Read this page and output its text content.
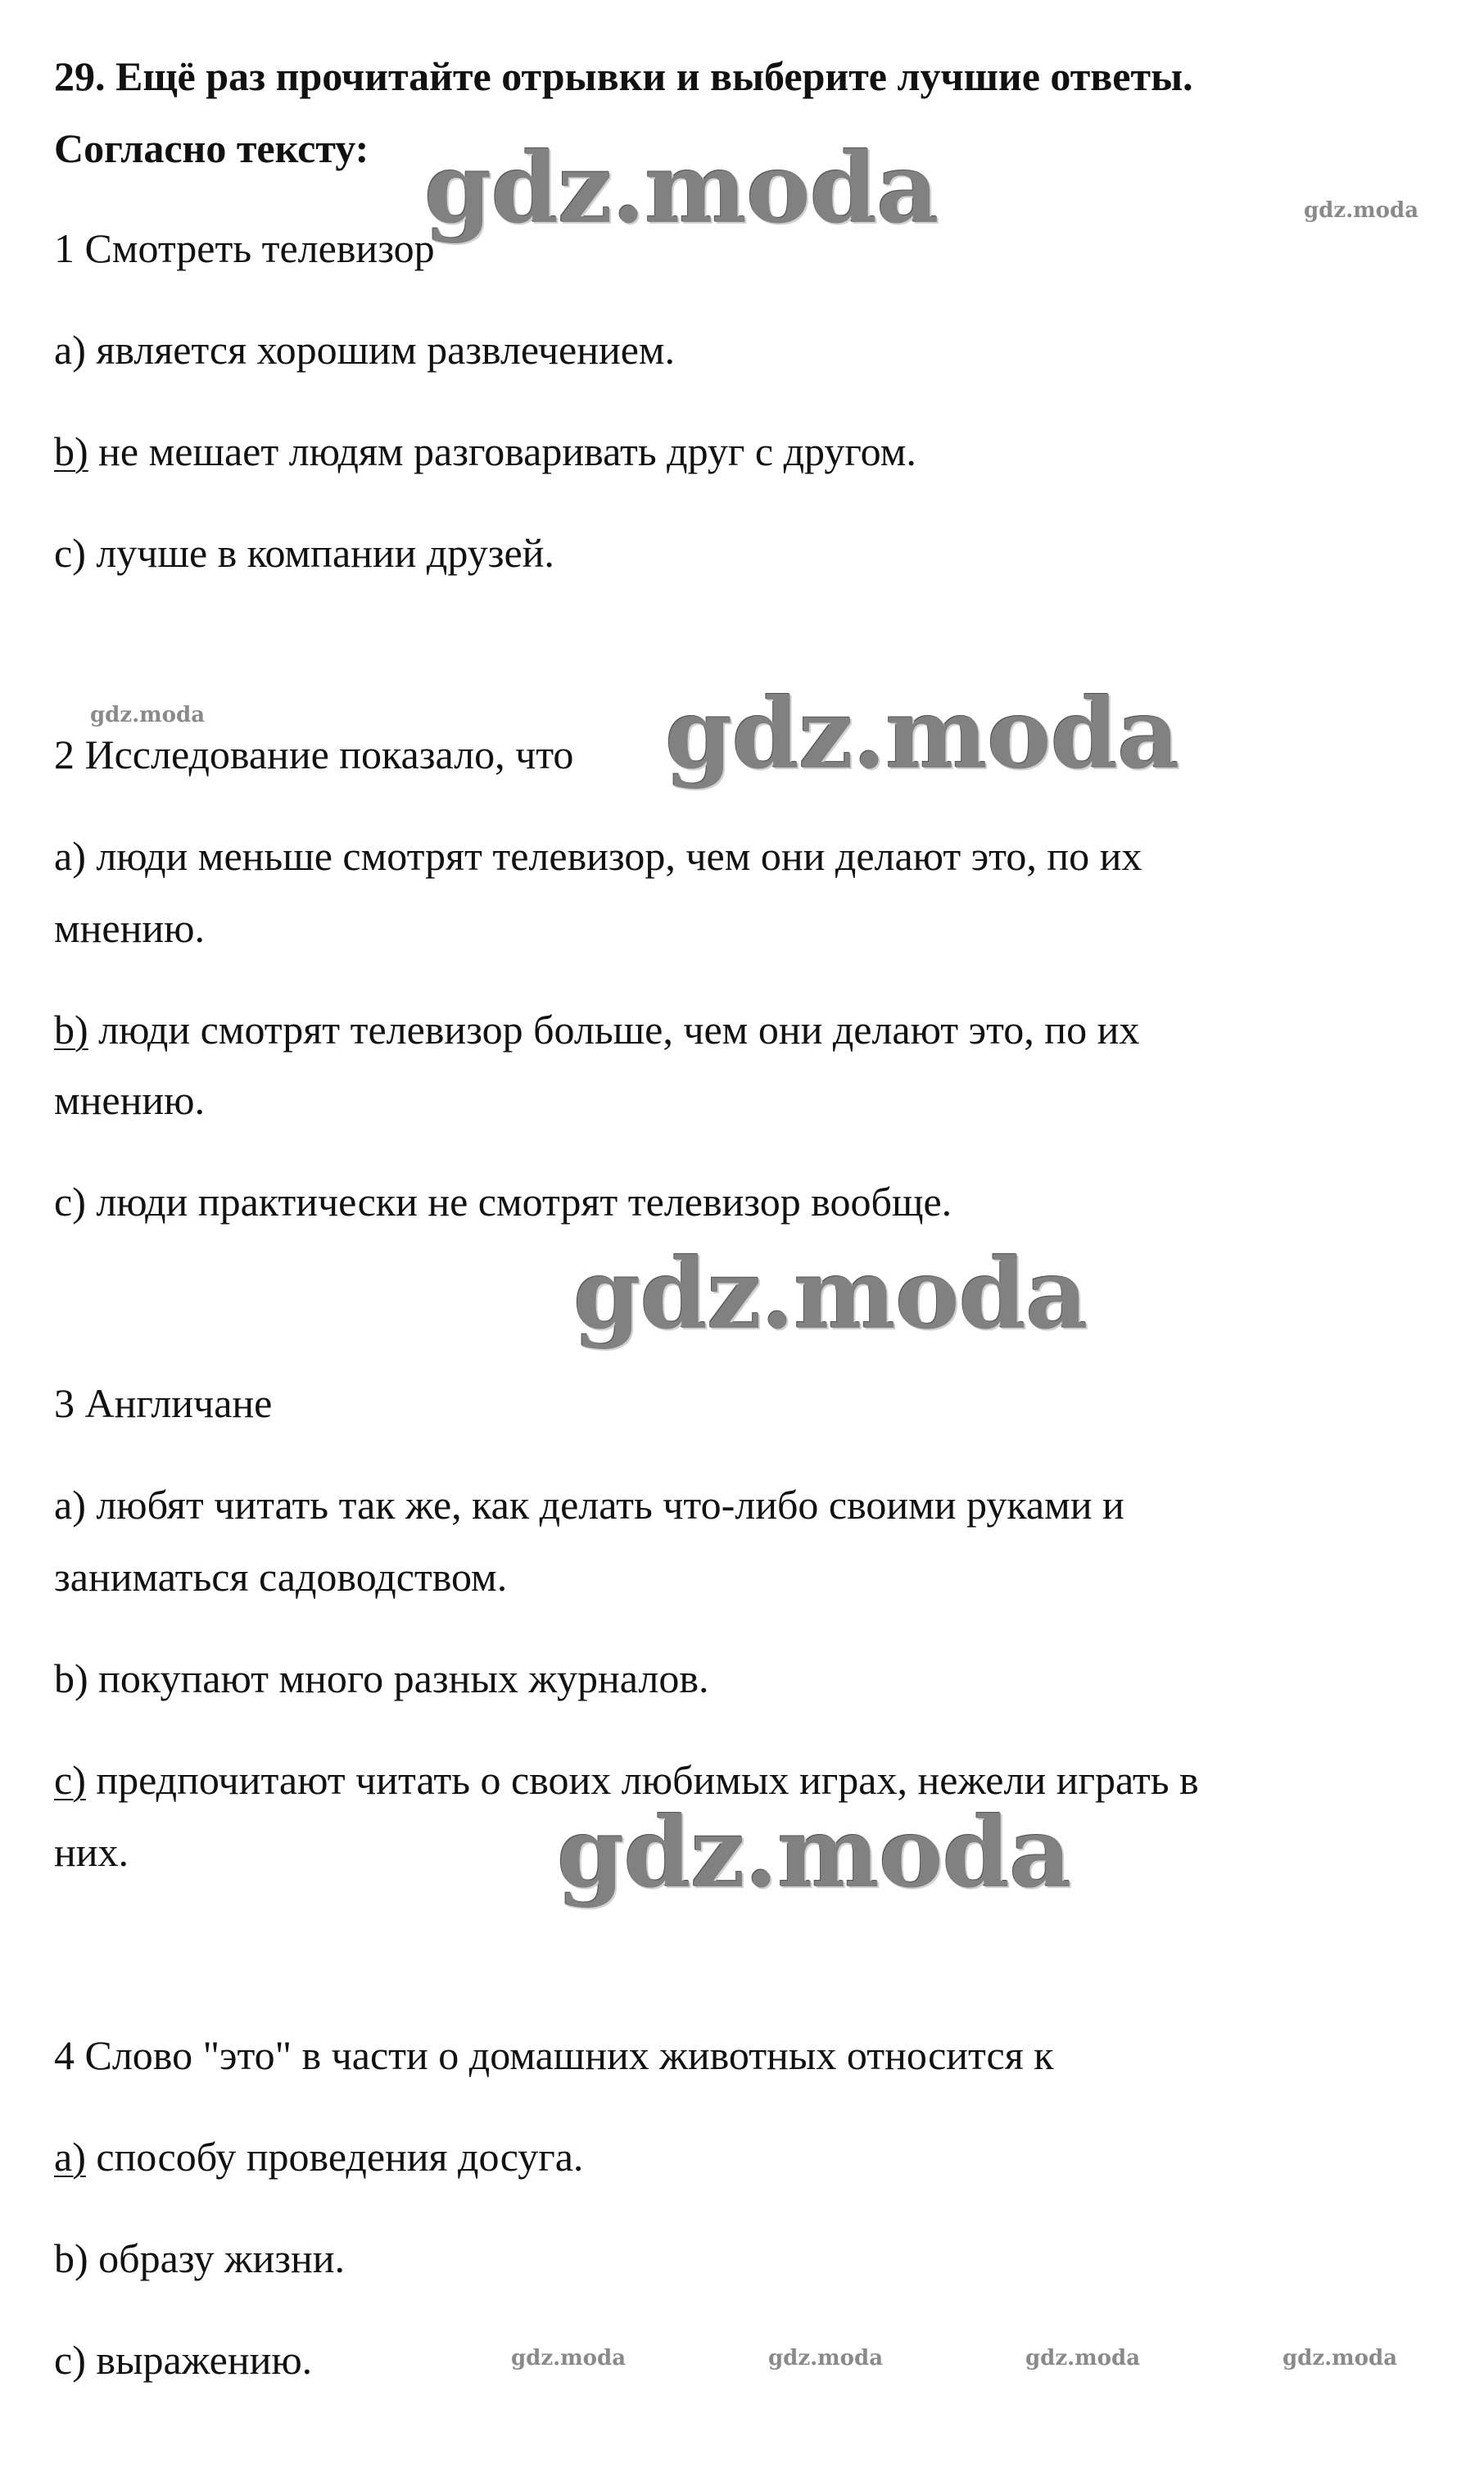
29. Ещё раз прочитайте отрывки и выберите лучшие ответы.
Согласно тексту:
1 Смотреть телевизор
a) является хорошим развлечением.
b) не мешает людям разговаривать друг с другом.
c) лучше в компании друзей.
2 Исследование показало, что
a) люди меньше смотрят телевизор, чем они делают это, по их
мнению.
b) люди смотрят телевизор больше, чем они делают это, по их
мнению.
c) люди практически не смотрят телевизор вообще.
3 Англичане
a) любят читать так же, как делать что-либо своими руками и
заниматься садоводством.
b) покупают много разных журналов.
c) предпочитают читать о своих любимых играх, нежели играть в
них.
4 Слово "это" в части о домашних животных относится к
a) способу проведения досуга.
b) образу жизни.
c) выражению.
gdz.moda	gdz.moda
gdz.moda	gdz.moda
gdz.moda
gdz.moda
gdz.moda	gdz.moda	gdz.moda	gdz.moda
